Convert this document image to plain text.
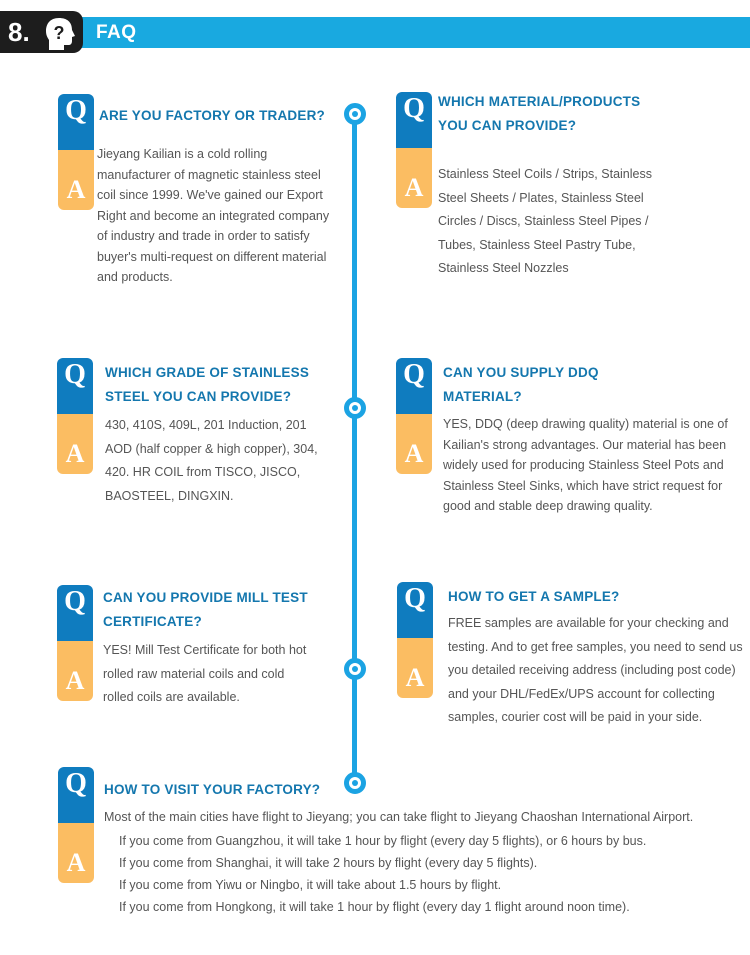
FAQ
8. ?
Q
A
ARE YOU FACTORY OR TRADER?
Jieyang Kailian is a cold rolling manufacturer of magnetic stainless steel coil since 1999. We've gained our Export Right and become an integrated company of industry and trade in order to satisfy buyer's multi-request on different material and products.
Q
A
WHICH MATERIAL/PRODUCTS YOU CAN PROVIDE?
Stainless Steel Coils / Strips, Stainless Steel Sheets / Plates, Stainless Steel Circles / Discs, Stainless Steel Pipes / Tubes, Stainless Steel Pastry Tube, Stainless Steel Nozzles
Q
A
WHICH GRADE OF STAINLESS STEEL YOU CAN PROVIDE?
430, 410S, 409L, 201 Induction, 201 AOD (half copper & high copper), 304, 420. HR COIL from TISCO, JISCO, BAOSTEEL, DINGXIN.
Q
A
CAN YOU SUPPLY DDQ MATERIAL?
YES, DDQ (deep drawing quality) material is one of Kailian's strong advantages. Our material has been widely used for producing Stainless Steel Pots and Stainless Steel Sinks, which have strict request for good and stable deep drawing quality.
Q
A
CAN YOU PROVIDE MILL TEST CERTIFICATE?
YES! Mill Test Certificate for both hot rolled raw material coils and cold rolled coils are available.
Q
A
HOW TO GET A SAMPLE?
FREE samples are available for your checking and testing. And to get free samples, you need to send us you detailed receiving address (including post code) and your DHL/FedEx/UPS account for collecting samples, courier cost will be paid in your side.
Q
A
HOW TO VISIT YOUR FACTORY?

Most of the main cities have flight to Jieyang; you can take flight to Jieyang Chaoshan International Airport.

If you come from Guangzhou, it will take 1 hour by flight (every day 5 flights), or 6 hours by bus.
If you come from Shanghai, it will take 2 hours by flight (every day 5 flights).
If you come from Yiwu or Ningbo, it will take about 1.5 hours by flight.
If you come from Hongkong, it will take 1 hour by flight (every day 1 flight around noon time).
